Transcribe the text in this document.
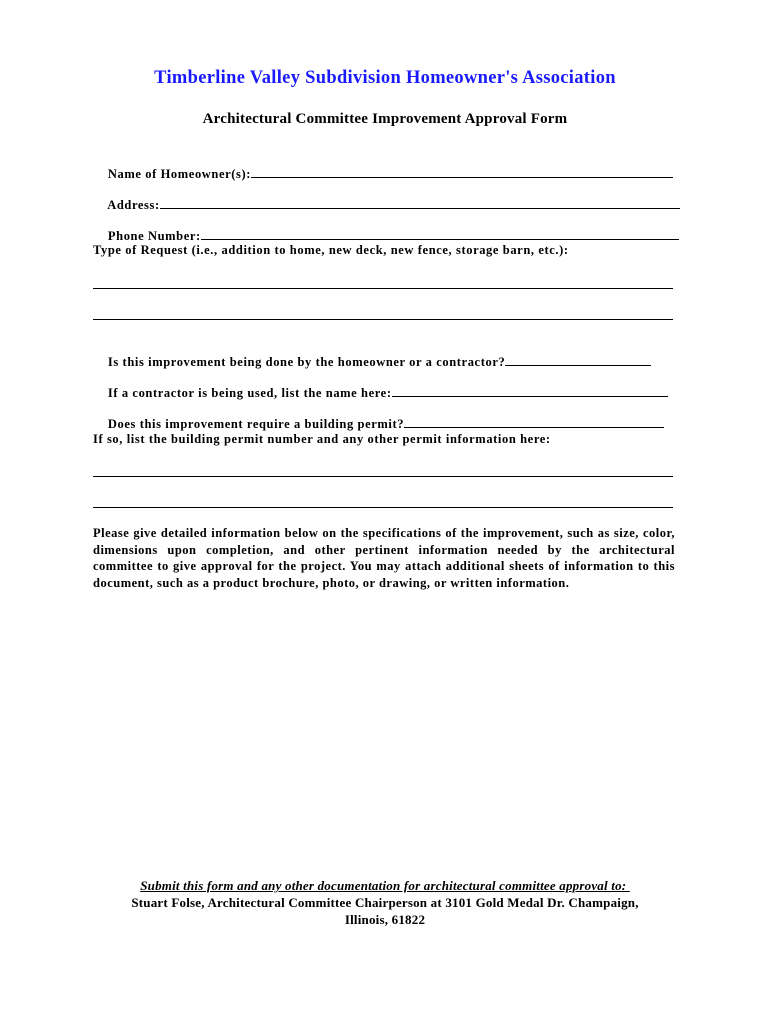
Timberline Valley Subdivision Homeowner's Association
Architectural Committee Improvement Approval Form

Name of Homeowner(s):

Address:

Phone Number:

Type of Request (i.e., addition to home, new deck, new fence, storage barn, etc.):

Is this improvement being done by the homeowner or a contractor?

If a contractor is being used, list the name here:

Does this improvement require a building permit?

If so, list the building permit number and any other permit information here:
Please give detailed information below on the specifications of the improvement, such as size, color, dimensions upon completion, and other pertinent information needed by the architectural committee to give approval for the project. You may attach additional sheets of information to this document, such as a product brochure, photo, or drawing, or written information.
Submit this form and any other documentation for architectural committee approval to:
Stuart Folse, Architectural Committee Chairperson at 3101 Gold Medal Dr. Champaign,
Illinois, 61822
